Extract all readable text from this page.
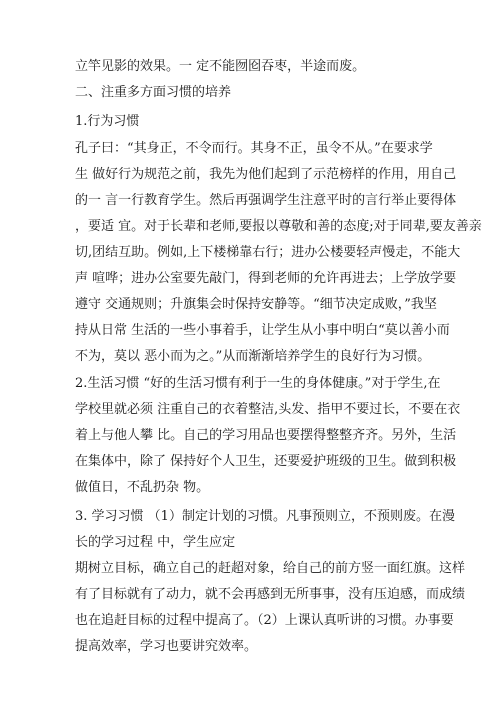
立竿见影的效果。一 定不能囫囵吞枣，半途而废。
二、注重多方面习惯的培养
1.行为习惯
孔子曰：“其身正，不令而行。其身不正，虽令不从。”在要求学
生 做好行为规范之前，我先为他们起到了示范榜样的作用，用自己
的一 言一行教育学生。然后再强调学生注意平时的言行举止要得体
，要适 宜。对于长辈和老师,要报以尊敬和善的态度;对于同辈,要友善亲
切,团结互助。例如,上下楼梯靠右行；进办公楼要轻声慢走，不能大
声 喧哗；进办公室要先敲门，得到老师的允许再进去；上学放学要
遵守 交通规则；升旗集会时保持安静等。“细节决定成败，”我坚
持从日常 生活的一些小事着手，让学生从小事中明白“莫以善小而
不为，莫以 恶小而为之。”从而渐渐培养学生的良好行为习惯。
2.生活习惯 “好的生活习惯有利于一生的身体健康。”对于学生,在
学校里就必须 注重自己的衣着整洁,头发、指甲不要过长，不要在衣
着上与他人攀 比。自己的学习用品也要摆得整整齐齐。另外，生活
在集体中，除了 保持好个人卫生，还要爱护班级的卫生。做到积极
做值日，不乱扔杂 物。
3. 学习习惯 （1）制定计划的习惯。凡事预则立，不预则废。在漫
长的学习过程 中，学生应定
期树立目标，确立自己的赶超对象，给自己的前方竖一面红旗。这样
有了目标就有了动力，就不会再感到无所事事，没有压迫感，而成绩
也在追赶目标的过程中提高了。（2）上课认真听讲的习惯。办事要
提高效率，学习也要讲究效率。
